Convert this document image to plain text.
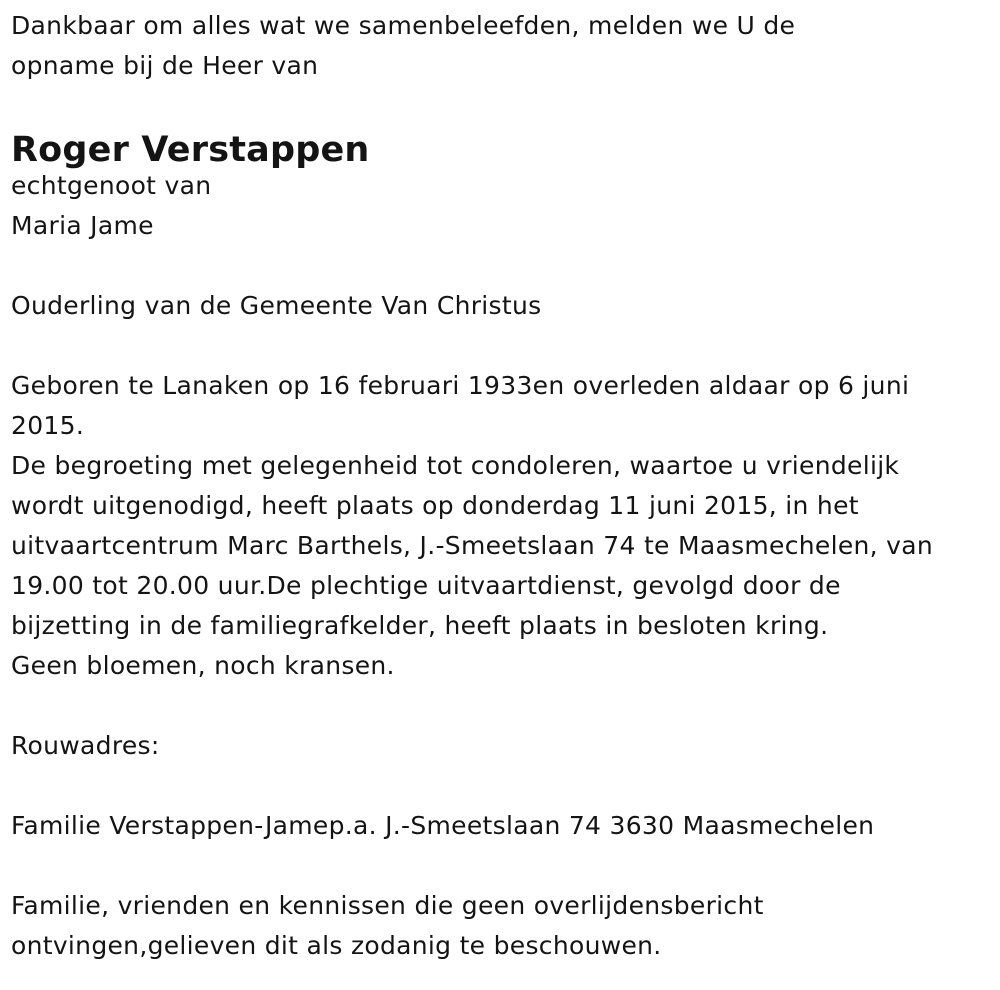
Dankbaar om alles wat we samenbeleefden, melden we U de
opname bij de Heer van
Roger Verstappen
echtgenoot van
Maria Jame
Ouderling van de Gemeente Van Christus
Geboren te Lanaken op 16 februari 1933en overleden aldaar op 6 juni
2015.
De begroeting met gelegenheid tot condoleren, waartoe u vriendelijk
wordt uitgenodigd, heeft plaats op donderdag 11 juni 2015, in het
uitvaartcentrum Marc Barthels, J.-Smeetslaan 74 te Maasmechelen, van
19.00 tot 20.00 uur.De plechtige uitvaartdienst, gevolgd door de
bijzetting in de familiegrafkelder, heeft plaats in besloten kring.
Geen bloemen, noch kransen.
Rouwadres:
Familie Verstappen-Jamep.a. J.-Smeetslaan 74 3630 Maasmechelen
Familie, vrienden en kennissen die geen overlijdensbericht
ontvingen,gelieven dit als zodanig te beschouwen.
